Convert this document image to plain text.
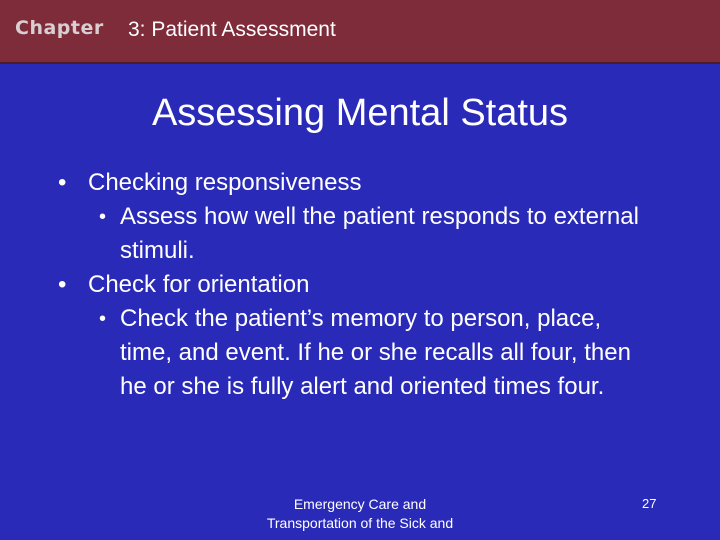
Chapter 3: Patient Assessment
Assessing Mental Status
• Checking responsiveness
• Assess how well the patient responds to external stimuli.
• Check for orientation
• Check the patient’s memory to person, place, time, and event. If he or she recalls all four, then he or she is fully alert and oriented times four.
Emergency Care and
Transportation of the Sick and
27
